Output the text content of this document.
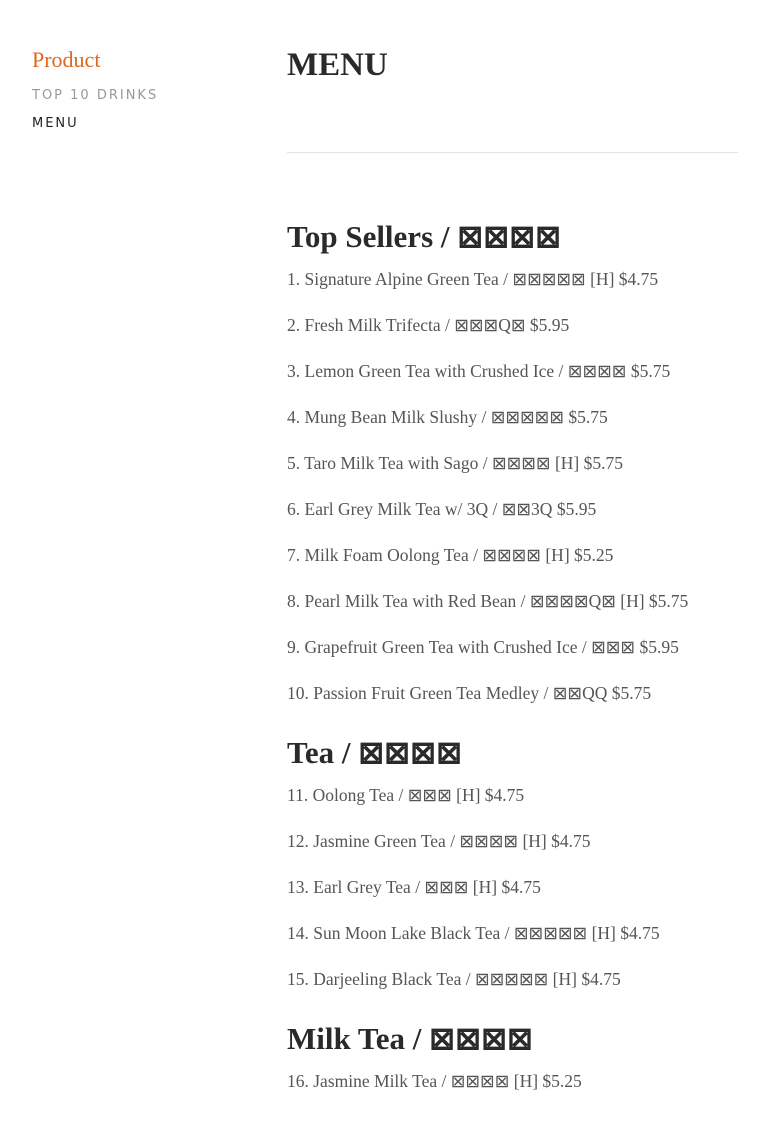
Product
TOP 10 DRINKS
MENU
MENU
Top Sellers / ⊠⊠⊠⊠
1. Signature Alpine Green Tea / ⊠⊠⊠⊠⊠ [H] $4.75
2. Fresh Milk Trifecta / ⊠⊠⊠Q⊠ $5.95
3. Lemon Green Tea with Crushed Ice / ⊠⊠⊠⊠ $5.75
4. Mung Bean Milk Slushy / ⊠⊠⊠⊠⊠ $5.75
5. Taro Milk Tea with Sago / ⊠⊠⊠⊠ [H] $5.75
6. Earl Grey Milk Tea w/ 3Q / ⊠⊠3Q $5.95
7. Milk Foam Oolong Tea / ⊠⊠⊠⊠ [H] $5.25
8. Pearl Milk Tea with Red Bean / ⊠⊠⊠⊠Q⊠ [H] $5.75
9. Grapefruit Green Tea with Crushed Ice / ⊠⊠⊠ $5.95
10. Passion Fruit Green Tea Medley / ⊠⊠QQ $5.75
Tea / ⊠⊠⊠⊠
11. Oolong Tea / ⊠⊠⊠ [H] $4.75
12. Jasmine Green Tea / ⊠⊠⊠⊠ [H] $4.75
13. Earl Grey Tea / ⊠⊠⊠ [H] $4.75
14. Sun Moon Lake Black Tea / ⊠⊠⊠⊠⊠ [H] $4.75
15. Darjeeling Black Tea / ⊠⊠⊠⊠⊠ [H] $4.75
Milk Tea / ⊠⊠⊠⊠
16. Jasmine Milk Tea / ⊠⊠⊠⊠ [H] $5.25
